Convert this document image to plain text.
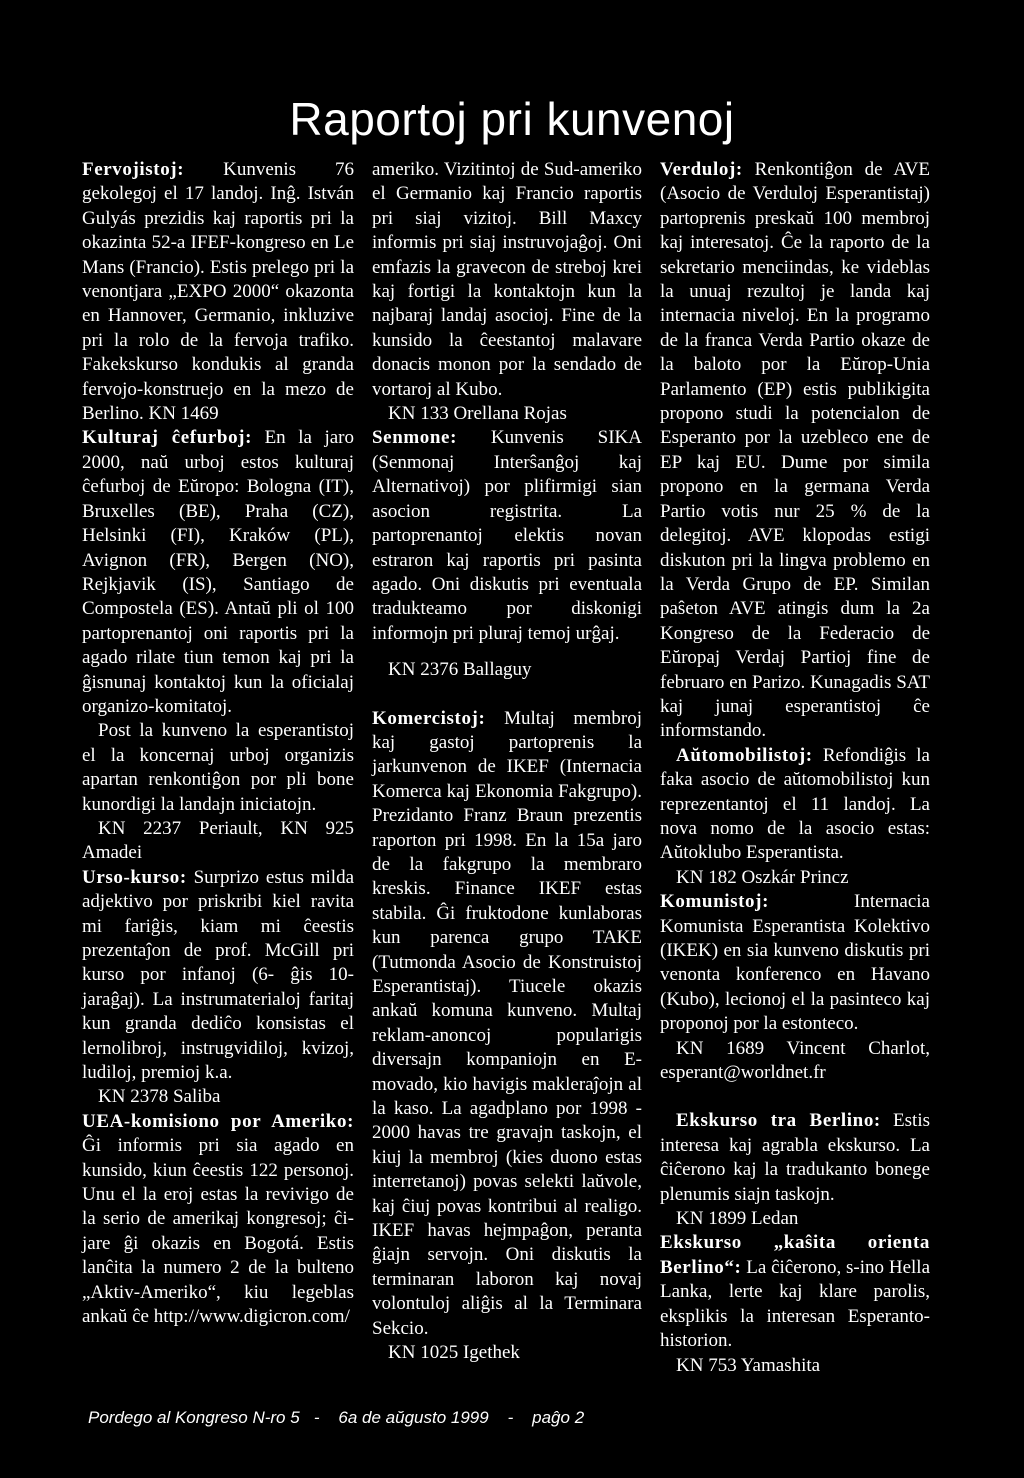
Raportoj pri kunvenoj

Fervojistoj: Kunvenis 76 gekolegoj el 17 landoj. Inĝ. István Gulyás prezidis kaj raportis pri la okazinta 52-a IFEF-kongreso en Le Mans (Francio). Estis prelego pri la venontjara „EXPO 2000“ okazonta en Hannover, Germanio, inkluzive pri la rolo de la fervoja trafiko. Fakekskurso kondukis al granda fervojo-konstruejo en la mezo de Berlino. KN 1469

Kulturaj ĉefurboj: En la jaro 2000, naŭ urboj estos kulturaj ĉefurboj de Eŭropo: Bologna (IT), Bruxelles (BE), Praha (CZ), Helsinki (FI), Kraków (PL), Avignon (FR), Bergen (NO), Rejkjavik (IS), Santiago de Compostela (ES). Antaŭ pli ol 100 partoprenantoj oni raportis pri la agado rilate tiun temon kaj pri la ĝisnunaj kontaktoj kun la oficialaj organizo-komitatoj.

Post la kunveno la esperantistoj el la koncernaj urboj organizis apartan renkontiĝon por pli bone kunordigi la landajn iniciatojn.

KN 2237 Periault, KN 925 Amadei

Urso-kurso: Surprizo estus milda adjektivo por priskribi kiel ravita mi fariĝis, kiam mi ĉeestis prezentaĵon de prof. McGill pri kurso por infanoj (6- ĝis 10-jaraĝaj). La instrumaterialoj faritaj kun granda dediĉo konsistas el lernolibroj, instrugvidiloj, kvizoj, ludiloj, premioj k.a.

KN 2378 Saliba

UEA-komisiono por Ameriko: Ĝi informis pri sia agado en kunsido, kiun ĉeestis 122 personoj. Unu el la eroj estas la revivigo de la serio de amerikaj kongresoj; ĉi-jare ĝi okazis en Bogotá. Estis lanĉita la numero 2 de la bulteno „Aktiv-Ameriko“, kiu legeblas ankaŭ ĉe http://www.digicron.com/

ameriko. Vizitintoj de Sud-ameriko el Germanio kaj Francio raportis pri siaj vizitoj. Bill Maxcy informis pri siaj instruvojaĝoj. Oni emfazis la gravecon de streboj krei kaj fortigi la kontaktojn kun la najbaraj landaj asocioj. Fine de la kunsido la ĉeestantoj malavare donacis monon por la sendado de vortaroj al Kubo.

KN 133 Orellana Rojas

Senmone: Kunvenis SIKA (Senmonaj Interŝanĝoj kaj Alternativoj) por plifirmigi sian asocion registrita. La partoprenantoj elektis novan estraron kaj raportis pri pasinta agado. Oni diskutis pri eventuala tradukteamo por diskonigi informojn pri pluraj temoj urĝaj.

KN 2376 Ballaguy

Komercistoj: Multaj membroj kaj gastoj partoprenis la jarkunvenon de IKEF (Internacia Komerca kaj Ekonomia Fakgrupo). Prezidanto Franz Braun prezentis raporton pri 1998. En la 15a jaro de la fakgrupo la membraro kreskis. Finance IKEF estas stabila. Ĝi fruktodone kunlaboras kun parenca grupo TAKE (Tutmonda Asocio de Konstruistoj Esperantistaj). Tiucele okazis ankaŭ komuna kunveno. Multaj reklam-anoncoj popularigis diversajn kompaniojn en E-movado, kio havigis makleraĵojn al la kaso. La agadplano por 1998 - 2000 havas tre gravajn taskojn, el kiuj la membroj (kies duono estas interretanoj) povas selekti laŭvole, kaj ĉiuj povas kontribui al realigo. IKEF havas hejmpaĝon, peranta ĝiajn servojn. Oni diskutis la terminaran laboron kaj novaj volontuloj aliĝis al la Terminara Sekcio.

KN 1025 Igethek

Verduloj: Renkontiĝon de AVE (Asocio de Verduloj Esperantistaj) partoprenis preskaŭ 100 membroj kaj interesatoj. Ĉe la raporto de la sekretario menciindas, ke videblas la unuaj rezultoj je landa kaj internacia niveloj. En la programo de la franca Verda Partio okaze de la baloto por la Eŭrop-Unia Parlamento (EP) estis publikigita propono studi la potencialon de Esperanto por la uzebleco ene de EP kaj EU. Dume por simila propono en la germana Verda Partio votis nur 25 % de la delegitoj. AVE klopodas estigi diskuton pri la lingva problemo en la Verda Grupo de EP. Similan paŝeton AVE atingis dum la 2a Kongreso de la Federacio de Eŭropaj Verdaj Partioj fine de februaro en Parizo. Kunagadis SAT kaj junaj esperantistoj ĉe informstando.

Aŭtomobilistoj: Refondiĝis la faka asocio de aŭtomobilistoj kun reprezentantoj el 11 landoj. La nova nomo de la asocio estas: Aŭtoklubo Esperantista.

KN 182 Oszkár Princz

Komunistoj: Internacia Komunista Esperantista Kolektivo (IKEK) en sia kunveno diskutis pri venonta konferenco en Havano (Kubo), lecionoj el la pasinteco kaj proponoj por la estonteco.

KN 1689 Vincent Charlot, esperant@worldnet.fr

Ekskurso tra Berlino: Estis interesa kaj agrabla ekskurso. La ĉiĉerono kaj la tradukanto bonege plenumis siajn taskojn.

KN 1899 Ledan

Ekskurso „kaŝita orienta Berlino“: La ĉiĉerono, s-ino Hella Lanka, lerte kaj klare parolis, eksplikis la interesan Esperanto-historion.

KN 753 Yamashita

Pordego al Kongreso N-ro 5   -    6a de aŭgusto 1999    -    paĝo 2
